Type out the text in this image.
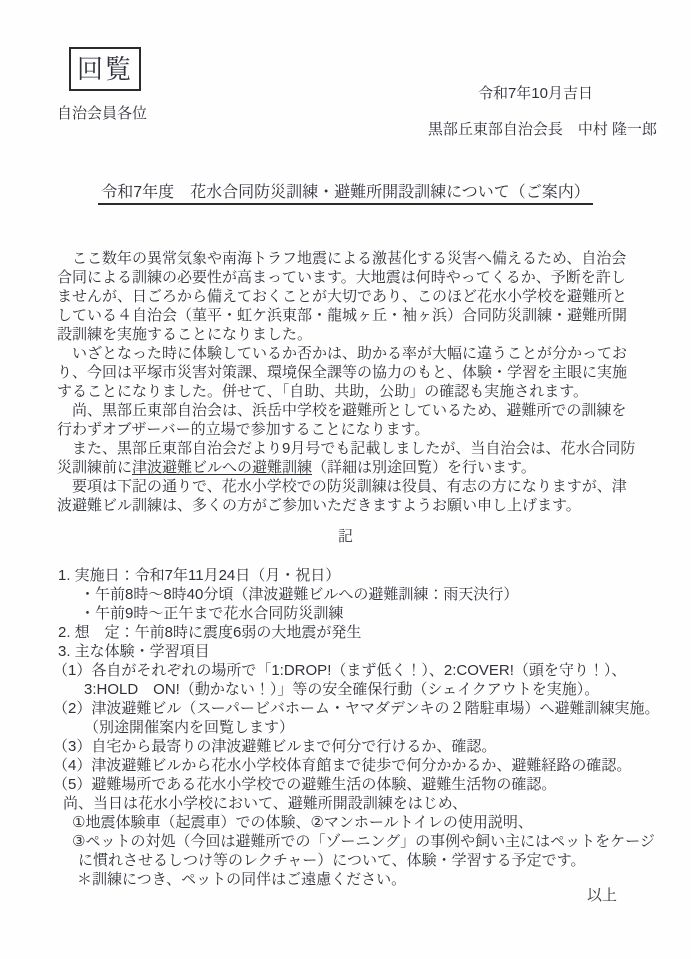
回覧
令和7年10月吉日
自治会員各位
黒部丘東部自治会長　中村 隆一郎
令和7年度　花水合同防災訓練・避難所開設訓練について（ご案内）

　ここ数年の異常気象や南海トラフ地震による激甚化する災害へ備えるため、自治会合同による訓練の必要性が高まっています。大地震は何時やってくるか、予断を許しませんが、日ごろから備えておくことが大切であり、このほど花水小学校を避難所としている４自治会（菫平・虹ケ浜東部・龍城ヶ丘・袖ヶ浜）合同防災訓練・避難所開設訓練を実施することになりました。

　いざとなった時に体験しているか否かは、助かる率が大幅に違うことが分かっており、今回は平塚市災害対策課、環境保全課等の協力のもと、体験・学習を主眼に実施することになりました。併せて、「自助、共助，公助」の確認も実施されます。

　尚、黒部丘東部自治会は、浜岳中学校を避難所としているため、避難所での訓練を行わずオブザーバー的立場で参加することになります。

　また、黒部丘東部自治会だより9月号でも記載しましたが、当自治会は、花水合同防災訓練前に津波避難ビルへの避難訓練（詳細は別途回覧）を行います。

　要項は下記の通りで、花水小学校での防災訓練は役員、有志の方になりますが、津波避難ビル訓練は、多くの方がご参加いただきますようお願い申し上げます。

記
1. 実施日：令和7年11月24日（月・祝日）
・午前8時～8時40分頃（津波避難ビルへの避難訓練：雨天決行）
・午前9時～正午まで花水合同防災訓練
2. 想　定：午前8時に震度6弱の大地震が発生
3. 主な体験・学習項目
（1）各自がそれぞれの場所で「1:DROP!（まず低く！）、2:COVER!（頭を守り！）、
3:HOLD　ON!（動かない！）」等の安全確保行動（シェイクアウトを実施）。
（2）津波避難ビル（スーパービバホーム・ヤマダデンキの２階駐車場）へ避難訓練実施。
（別途開催案内を回覧します）
（3）自宅から最寄りの津波避難ビルまで何分で行けるか、確認。
（4）津波避難ビルから花水小学校体育館まで徒歩で何分かかるか、避難経路の確認。
（5）避難場所である花水小学校での避難生活の体験、避難生活物の確認。
尚、当日は花水小学校において、避難所開設訓練をはじめ、
①地震体験車（起震車）での体験、②マンホールトイレの使用説明、
③ペットの対処（今回は避難所での「ゾーニング」の事例や飼い主にはペットをケージ
に慣れさせるしつけ等のレクチャー）について、体験・学習する予定です。
＊訓練につき、ペットの同伴はご遠慮ください。
以上
